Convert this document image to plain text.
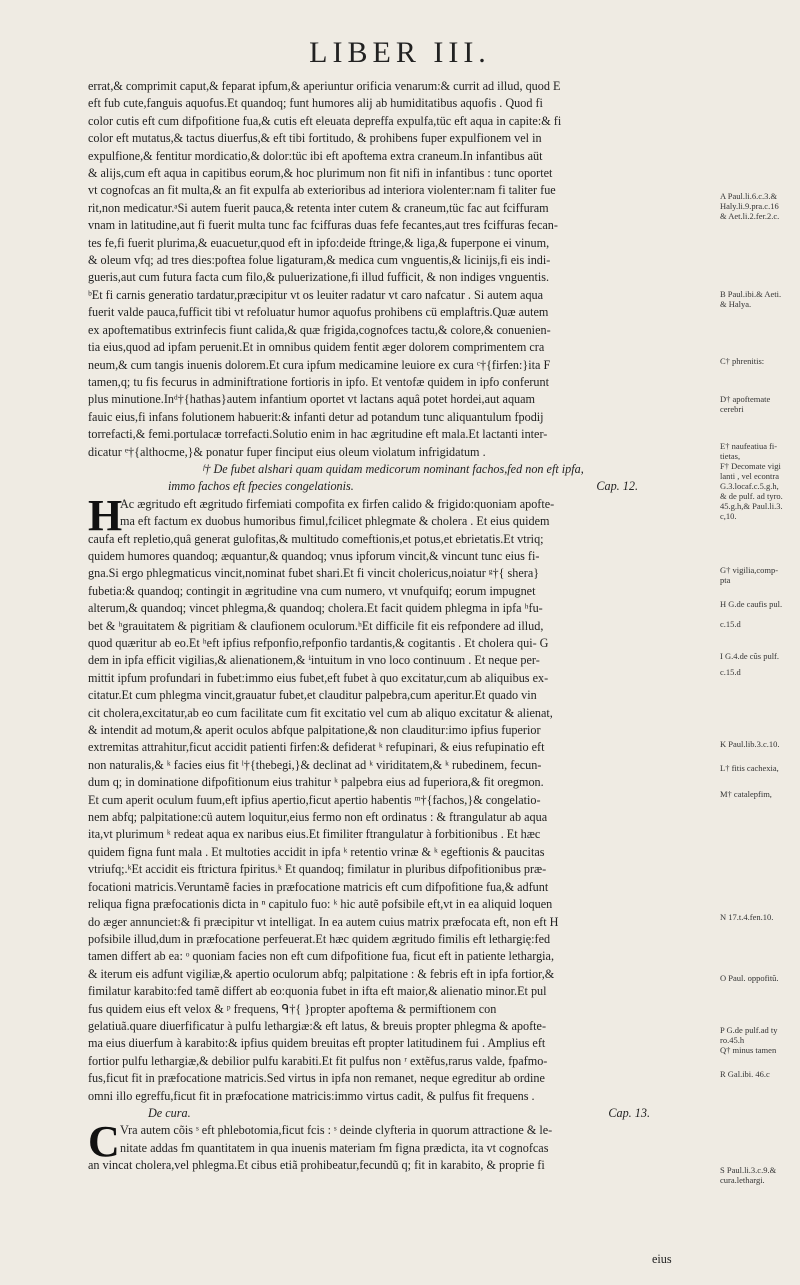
LIBER III.
errat,& comprimit caput,& feparat ipfum,& aperiuntur orificia venarum:& currit ad illud, quod E
eft fub cute,fanguis aquofus.Et quandoq; funt humores alij ab humiditatibus aquofis . Quod fi
color cutis eft cum difpofitione fua,& cutis eft eleuata depreffa expulfa,tüc eft aqua in capite:& fi
color eft mutatus,& tactus diuerfus,& eft tibi fortitudo, & prohibens fuper expulfionem vel in
expulfione,& fentitur mordicatio,& dolor:tüc ibi eft apoftema extra craneum.In infantibus aüt
& alijs,cum eft aqua in capitibus eorum,& hoc plurimum non fit nifi in infantibus : tunc oportet
vt cognofcas an fit multa,& an fit expulfa ab exterioribus ad interiora violenter:nam fi taliter fue
rit,non medicatur.ᵃSi autem fuerit pauca,& retenta inter cutem & craneum,tüc fac aut fciffuram
vnam in latitudine,aut fi fuerit multa tunc fac fciffuras duas fefe fecantes,aut tres fciffuras fecan-
tes fe,fi fuerit plurima,& euacuetur,quod eft in ipfo:deide ftringe,& liga,& fuperpone ei vinum,
& oleum vfq; ad tres dies:poftea folue ligaturam,& medica cum vnguentis,& licinijs,fi eis indi-
gueris,aut cum futura facta cum filo,& puluerizatione,fi illud fufficit, & non indiges vnguentis.
ᵇEt fi carnis generatio tardatur,præcipitur vt os leuiter radatur vt caro nafcatur . Si autem aqua
fuerit valde pauca,fufficit tibi vt refoluatur humor aquofus prohibens cü emplaftris.Quæ autem
ex apoftematibus extrinfecis fiunt calida,& quæ frigida,cognofces tactu,& colore,& conuenien-
tia eius,quod ad ipfam peruenit.Et in omnibus quidem fentit æger dolorem comprimentem cra
neum,& cum tangis inuenis dolorem.Et cura ipfum medicamine leuiore ex cura ᶜ†{firfen:}ita F
tamen,q; tu fis fecurus in adminiftratione fortioris in ipfo. Et ventofæ quidem in ipfo conferunt
plus minutione.Inᵈ†{hathas}autem infantium oportet vt lactans aquâ potet hordei,aut aquam
fauic eius,fi infans folutionem habuerit:& infanti detur ad potandum tunc aliquantulum fpodij
torrefacti,& femi.portulacæ torrefacti.Solutio enim in hac ægritudine eft mala.Et lactanti inter-
dicatur ᵉ†{althocme,}& ponatur fuper finciput eius oleum violatum infrigidatum .
ᶠ† De fubet alshari quam quidam medicorum nominant fachos,fed non eft ipfa,
immo fachos eft fpecies congelationis.	Cap. 12.
H
Ac ægritudo eft ægritudo firfemiati compofita ex firfen calido & frigido:quoniam apofte-
ma eft factum ex duobus humoribus fimul,fcilicet phlegmate & cholera . Et eius quidem
caufa eft repletio,quâ generat gulofitas,& multitudo comeftionis,et potus,et ebrietatis.Et vtriq;
quidem humores quandoq; æquantur,& quandoq; vnus ipforum vincit,& vincunt tunc eius fi-
gna.Si ergo phlegmaticus vincit,nominat fubet shari.Et fi vincit cholericus,noiatur ᵍ†{ shera}
fubetia:& quandoq; contingit in ægritudine vna cum numero, vt vnufquifq; eorum impugnet
alterum,& quandoq; vincet phlegma,& quandoq; cholera.Et facit quidem phlegma in ipfa ʰfu-
bet & ʰgrauitatem & pigritiam & claufionem oculorum.ʰEt difficile fit eis refpondere ad illud,
quod quæritur ab eo.Et ʰeft ipfius refponfio,refponfio tardantis,& cogitantis . Et cholera qui- G
dem in ipfa efficit vigilias,& alienationem,& ⁱintuitum in vno loco continuum . Et neque per-
mittit ipfum profundari in fubet:immo eius fubet,eft fubet à quo excitatur,cum ab aliquibus ex-
citatur.Et cum phlegma vincit,grauatur fubet,et clauditur palpebra,cum aperitur.Et quado vin
cit cholera,excitatur,ab eo cum facilitate cum fit excitatio vel cum ab aliquo excitatur & alienat,
& intendit ad motum,& aperit oculos abfque palpitatione,& non clauditur:imo ipfius fuperior
extremitas attrahitur,ficut accidit patienti firfen:& defiderat ᵏ refupinari, & eius refupinatio eft
non naturalis,& ᵏ facies eius fit ˡ†{thebegi,}& declinat ad ᵏ viriditatem,& ᵏ rubedinem, fecun-
dum q; in dominatione difpofitionum eius trahitur ᵏ palpebra eius ad fuperiora,& fit oregmon.
Et cum aperit oculum fuum,eft ipfius apertio,ficut apertio habentis ᵐ†{fachos,}& congelatio-
nem abfq; palpitatione:cü autem loquitur,eius fermo non eft ordinatus : & ftrangulatur ab aqua
ita,vt plurimum ᵏ redeat aqua ex naribus eius.Et fimiliter ftrangulatur à forbitionibus . Et hæc
quidem figna funt mala . Et multoties accidit in ipfa ᵏ retentio vrinæ & ᵏ egeftionis & paucitas
vtriufq;.ᵏEt accidit eis ftrictura fpiritus.ᵏ Et quandoq; fimilatur in pluribus difpofitionibus præ-
focationi matricis.Veruntamẽ facies in præfocatione matricis eft cum difpofitione fua,& adfunt
reliqua figna præfocationis dicta in ⁿ capitulo fuo: ᵏ hic autẽ pofsibile eft,vt in ea aliquid loquen
do æger annunciet:& fi præcipitur vt intelligat. In ea autem cuius matrix præfocata eft, non eft H
pofsibile illud,dum in præfocatione perfeuerat.Et hæc quidem ægritudo fimilis eft lethargię:fed
tamen differt ab ea: ᵒ quoniam facies non eft cum difpofitione fua, ficut eft in patiente lethargia,
& iterum eis adfunt vigiliæ,& apertio oculorum abfq; palpitatione : & febris eft in ipfa fortior,&
fimilatur karabito:fed tamẽ differt ab eo:quonia fubet in ifta eft maior,& alienatio minor.Et pul
fus quidem eius eft velox & ᵖ frequens, ᑫ†{ }propter apoftema & permiftionem con
gelatiuã.quare diuerfificatur à pulfu lethargiæ:& eft latus, & breuis propter phlegma & apofte-
ma eius diuerfum à karabito:& ipfius quidem breuitas eft propter latitudinem fui . Amplius eft
fortior pulfu lethargiæ,& debilior pulfu karabiti.Et fit pulfus non ʳ extẽfus,rarus valde, fpafmo-
fus,ficut fit in præfocatione matricis.Sed virtus in ipfa non remanet, neque egreditur ab ordine
omni illo egreffu,ficut fit in præfocatione matricis:immo virtus cadit, & pulfus fit frequens .
De cura.	Cap. 13.
C Vra autem cõis ˢ eft phlebotomia,ficut fcis : ˢ deinde clyfteria in quorum attractione & le-
nitate addas fm quantitatem in qua inuenis materiam fm figna prædicta, ita vt cognofcas
an vincat cholera,vel phlegma.Et cibus etiã prohibeatur,fecundũ q; fit in karabito, & proprie fi
A Paul.li.6.c.3.&
Haly.li.9.pra.c.16
& Aet.li.2.fer.2.c.
B Paul.ibi.& Aeti.
& Halya.
C† phrenitis:
D† apoftemate
cerebri
E† naufeatiua fi-
tietas,
F† Decomate vigi
lanti , vel econtra
G.3.locaf.c.5.g.h,
& de pulf. ad tyro.
45.g.h,& Paul.li.3.
c,10.
G† vigilia,comp-
pta
H G.de caufis pul.
c.15.d
I G.4.de cũs pulf.
c.15.d
K Paul.lib.3.c.10.
L† fitis cachexia,
M† catalepfim,
N 17.t.4.fen.10.
O Paul. oppofitũ.
P G.de pulf.ad ty
ro.45.h
Q† minus tamen
R Gal.ibi. 46.c
S Paul.li.3.c.9.&
cura.lethargi.
eius
